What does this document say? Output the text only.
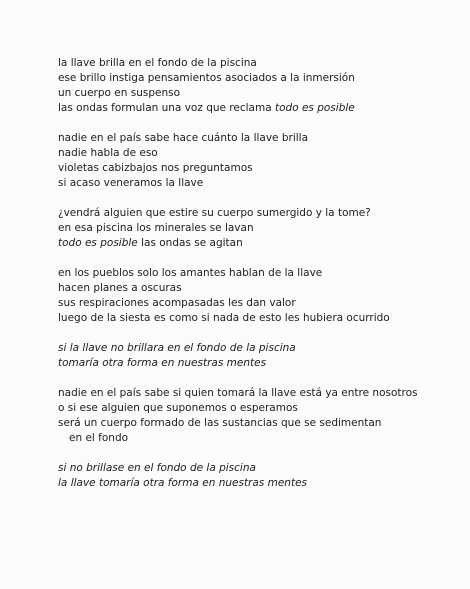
la llave brilla en el fondo de la piscina
ese brillo instiga pensamientos asociados a la inmersión
un cuerpo en suspenso
las ondas formulan una voz que reclama todo es posible
nadie en el país sabe hace cuánto la llave brilla
nadie habla de eso
violetas cabizbajos nos preguntamos
si acaso veneramos la llave
¿vendrá alguien que estire su cuerpo sumergido y la tome?
en esa piscina los minerales se lavan
todo es posible las ondas se agitan
en los pueblos solo los amantes hablan de la llave
hacen planes a oscuras
sus respiraciones acompasadas les dan valor
luego de la siesta es como si nada de esto les hubiera ocurrido
si la llave no brillara en el fondo de la piscina
tomaría otra forma en nuestras mentes
nadie en el país sabe si quien tomará la llave está ya entre nosotros
o si ese alguien que suponemos o esperamos
será un cuerpo formado de las sustancias que se sedimentan
en el fondo
si no brillase en el fondo de la piscina
la llave tomaría otra forma en nuestras mentes
